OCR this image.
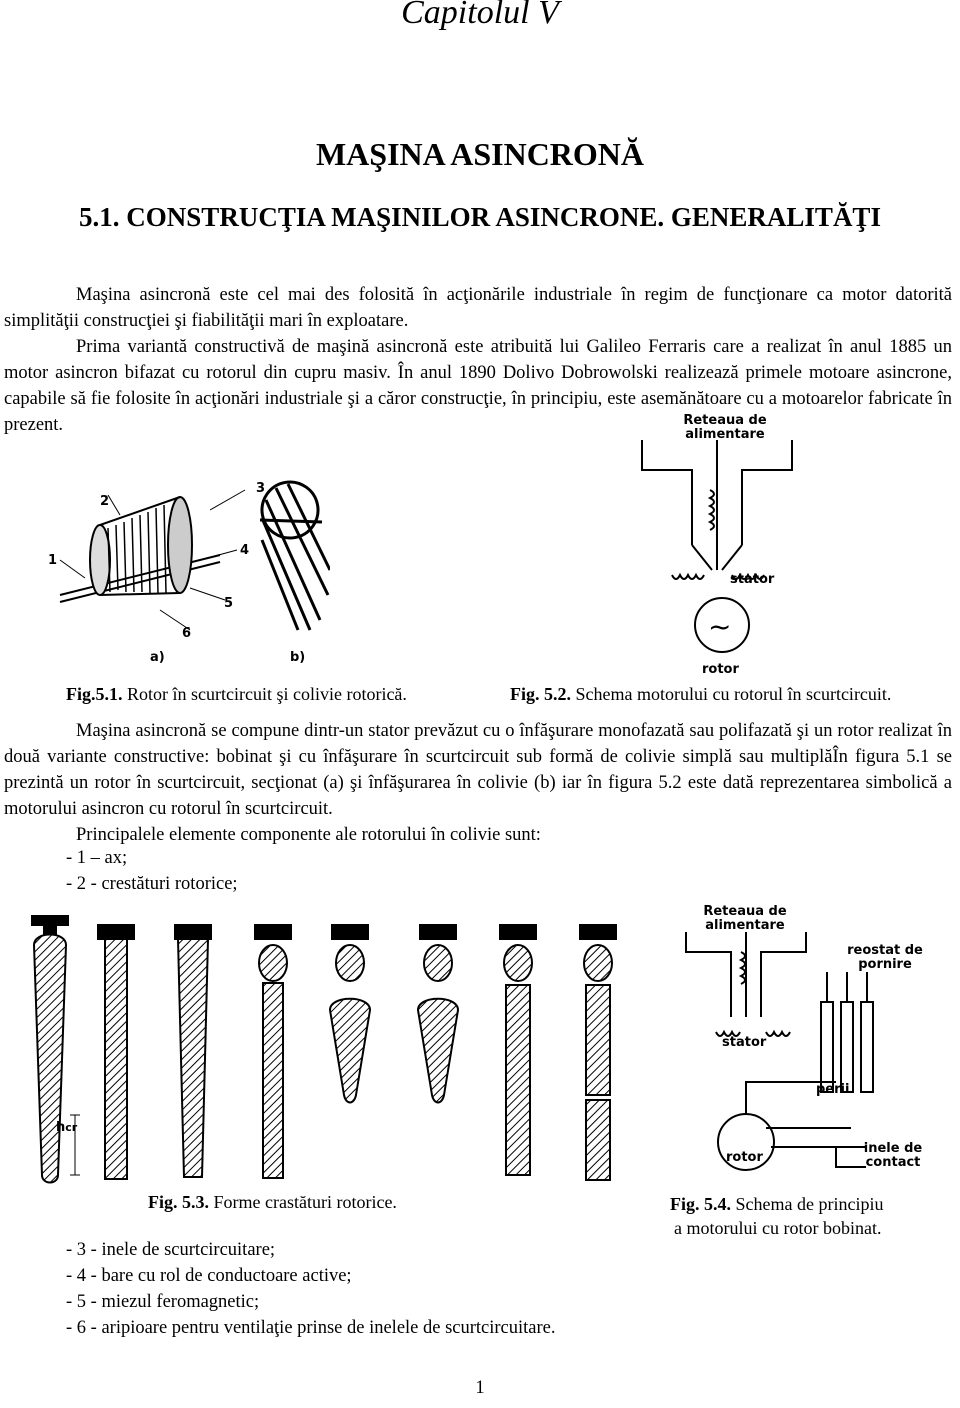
Capitolul V
MAŞINA ASINCRONĂ
5.1. CONSTRUCŢIA MAŞINILOR ASINCRONE. GENERALITĂŢI
Maşina asincronă este cel mai des folosită în acţionările industriale în regim de funcţionare ca motor datorită simplităţii construcţiei şi fiabilităţii mari în exploatare.
Prima variantă constructivă de maşină asincronă este atribuită lui Galileo Ferraris care a realizat în anul 1885 un motor asincron bifazat cu rotorul din cupru masiv. În anul 1890 Dolivo Dobrowolski realizează primele motoare asincrone, capabile să fie folosite în acţionări industriale şi a căror construcţie, în principiu, este asemănătoare cu a motoarelor fabricate în prezent.
1
2
3
4
5
6
a)	b)
Reteaua de
alimentare
stator
~
rotor
Fig.5.1. Rotor în scurtcircuit şi colivie rotorică.	Fig. 5.2. Schema motorului cu rotorul în scurtcircuit.
Maşina asincronă se compune dintr-un stator prevăzut cu o înfăşurare monofazată sau polifazată şi un rotor realizat în două variante constructive: bobinat şi cu înfăşurare în scurtcircuit sub formă de colivie simplă sau multiplăÎn figura 5.1 se prezintă un rotor în scurtcircuit, secţionat (a) şi înfăşurarea în colivie (b) iar în figura 5.2 este dată reprezentarea simbolică a motorului asincron cu rotorul în scurtcircuit.
Principalele elemente componente ale rotorului în colivie sunt:
- 1 – ax;
- 2 - crestături rotorice;
hcr
Reteaua de
alimentare
reostat de
pornire
stator
perii
rotor
inele de
contact
Fig. 5.3. Forme crastături rotorice.	Fig. 5.4. Schema de principiu
a motorului cu rotor bobinat.
- 3 - inele de scurtcircuitare;
- 4 - bare cu rol de conductoare active;
- 5 - miezul feromagnetic;
- 6 - aripioare pentru ventilaţie prinse de inelele de scurtcircuitare.
1
